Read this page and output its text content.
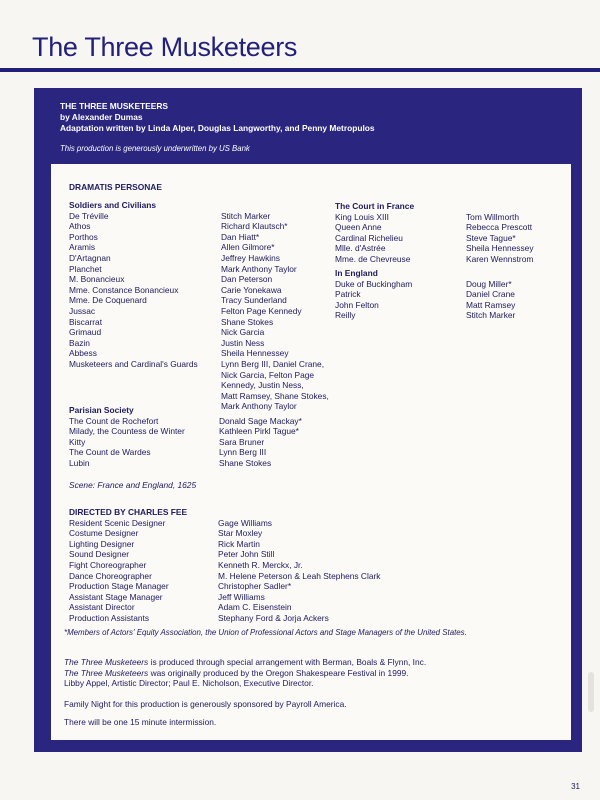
The Three Musketeers
THE THREE MUSKETEERS
by Alexander Dumas
Adaptation written by Linda Alper, Douglas Langworthy, and Penny Metropulos
This production is generously underwritten by US Bank
DRAMATIS PERSONAE
Soldiers and Civilians
De Tréville
Athos
Porthos
Aramis
D'Artagnan
Planchet
M. Bonancieux
Mme. Constance Bonancieux
Mme. De Coquenard
Jussac
Biscarrat
Grimaud
Bazin
Abbess
Musketeers and Cardinal's Guards
Stitch Marker
Richard Klautsch*
Dan Hiatt*
Allen Gilmore*
Jeffrey Hawkins
Mark Anthony Taylor
Dan Peterson
Carie Yonekawa
Tracy Sunderland
Felton Page Kennedy
Shane Stokes
Nick Garcia
Justin Ness
Sheila Hennessey
Lynn Berg III, Daniel Crane,
Nick Garcia, Felton Page
Kennedy, Justin Ness,
Matt Ramsey, Shane Stokes,
Mark Anthony Taylor
The Court in France
King Louis XIII
Queen Anne
Cardinal Richelieu
Mlle. d'Astrée
Mme. de Chevreuse
Tom Willmorth
Rebecca Prescott
Steve Tague*
Sheila Hennessey
Karen Wennstrom
In England
Duke of Buckingham
Patrick
John Felton
Reilly
Doug Miller*
Daniel Crane
Matt Ramsey
Stitch Marker
Parisian Society
The Count de Rochefort
Milady, the Countess de Winter
Kitty
The Count de Wardes
Lubin
Donald Sage Mackay*
Kathleen Pirkl Tague*
Sara Bruner
Lynn Berg III
Shane Stokes
Scene: France and England, 1625
DIRECTED BY CHARLES FEE
Resident Scenic Designer
Costume Designer
Lighting Designer
Sound Designer
Fight Choreographer
Dance Choreographer
Production Stage Manager
Assistant Stage Manager
Assistant Director
Production Assistants
Gage Williams
Star Moxley
Rick Martin
Peter John Still
Kenneth R. Merckx, Jr.
M. Helene Peterson & Leah Stephens Clark
Christopher Sadler*
Jeff Williams
Adam C. Eisenstein
Stephany Ford & Jorja Ackers
*Members of Actors' Equity Association, the Union of Professional Actors and Stage Managers of the United States.
The Three Musketeers is produced through special arrangement with Berman, Boals & Flynn, Inc.
The Three Musketeers was originally produced by the Oregon Shakespeare Festival in 1999.
Libby Appel, Artistic Director; Paul E. Nicholson, Executive Director.
Family Night for this production is generously sponsored by Payroll America.
There will be one 15 minute intermission.
31
